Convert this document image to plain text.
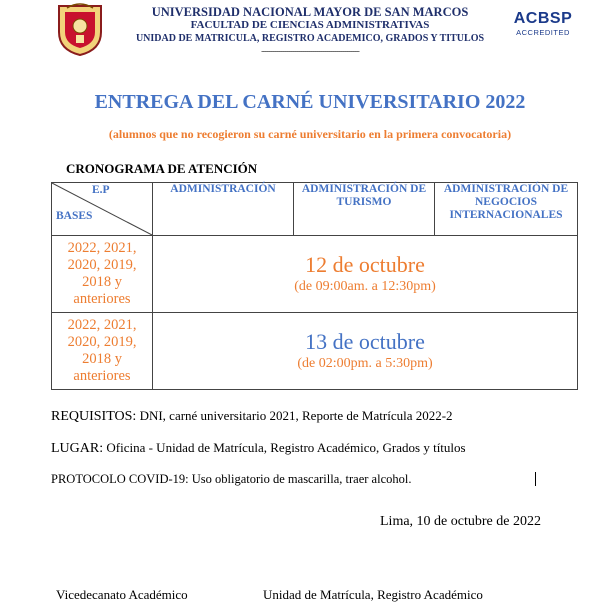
UNIVERSIDAD NACIONAL MAYOR DE SAN MARCOS
FACULTAD DE CIENCIAS ADMINISTRATIVAS
UNIDAD DE MATRICULA, REGISTRO ACADEMICO, GRADOS Y TITULOS
-------------------------------------------------
ACBSP
ACCREDITED
ENTREGA DEL CARNÉ UNIVERSITARIO 2022
(alumnos que no recogieron su carné universitario en la primera convocatoria)
CRONOGRAMA DE ATENCIÓN
E.P
BASES	ADMINISTRACIÓN	ADMINISTRACIÓN DE TURISMO	ADMINISTRACIÓN DE NEGOCIOS INTERNACIONALES
2022, 2021, 2020, 2019, 2018 y anteriores	12 de octubre
(de 09:00am. a 12:30pm)		

2022, 2021, 2020, 2019, 2018 y anteriores	13 de octubre
(de 02:00pm. a 5:30pm)		
REQUISITOS: DNI, carné universitario 2021, Reporte de Matrícula 2022-2
LUGAR: Oficina - Unidad de Matrícula, Registro Académico, Grados y títulos
PROTOCOLO COVID-19: Uso obligatorio de mascarilla, traer alcohol.
Lima, 10 de octubre de 2022
Vicedecanato Académico	Unidad de Matrícula, Registro Académico
